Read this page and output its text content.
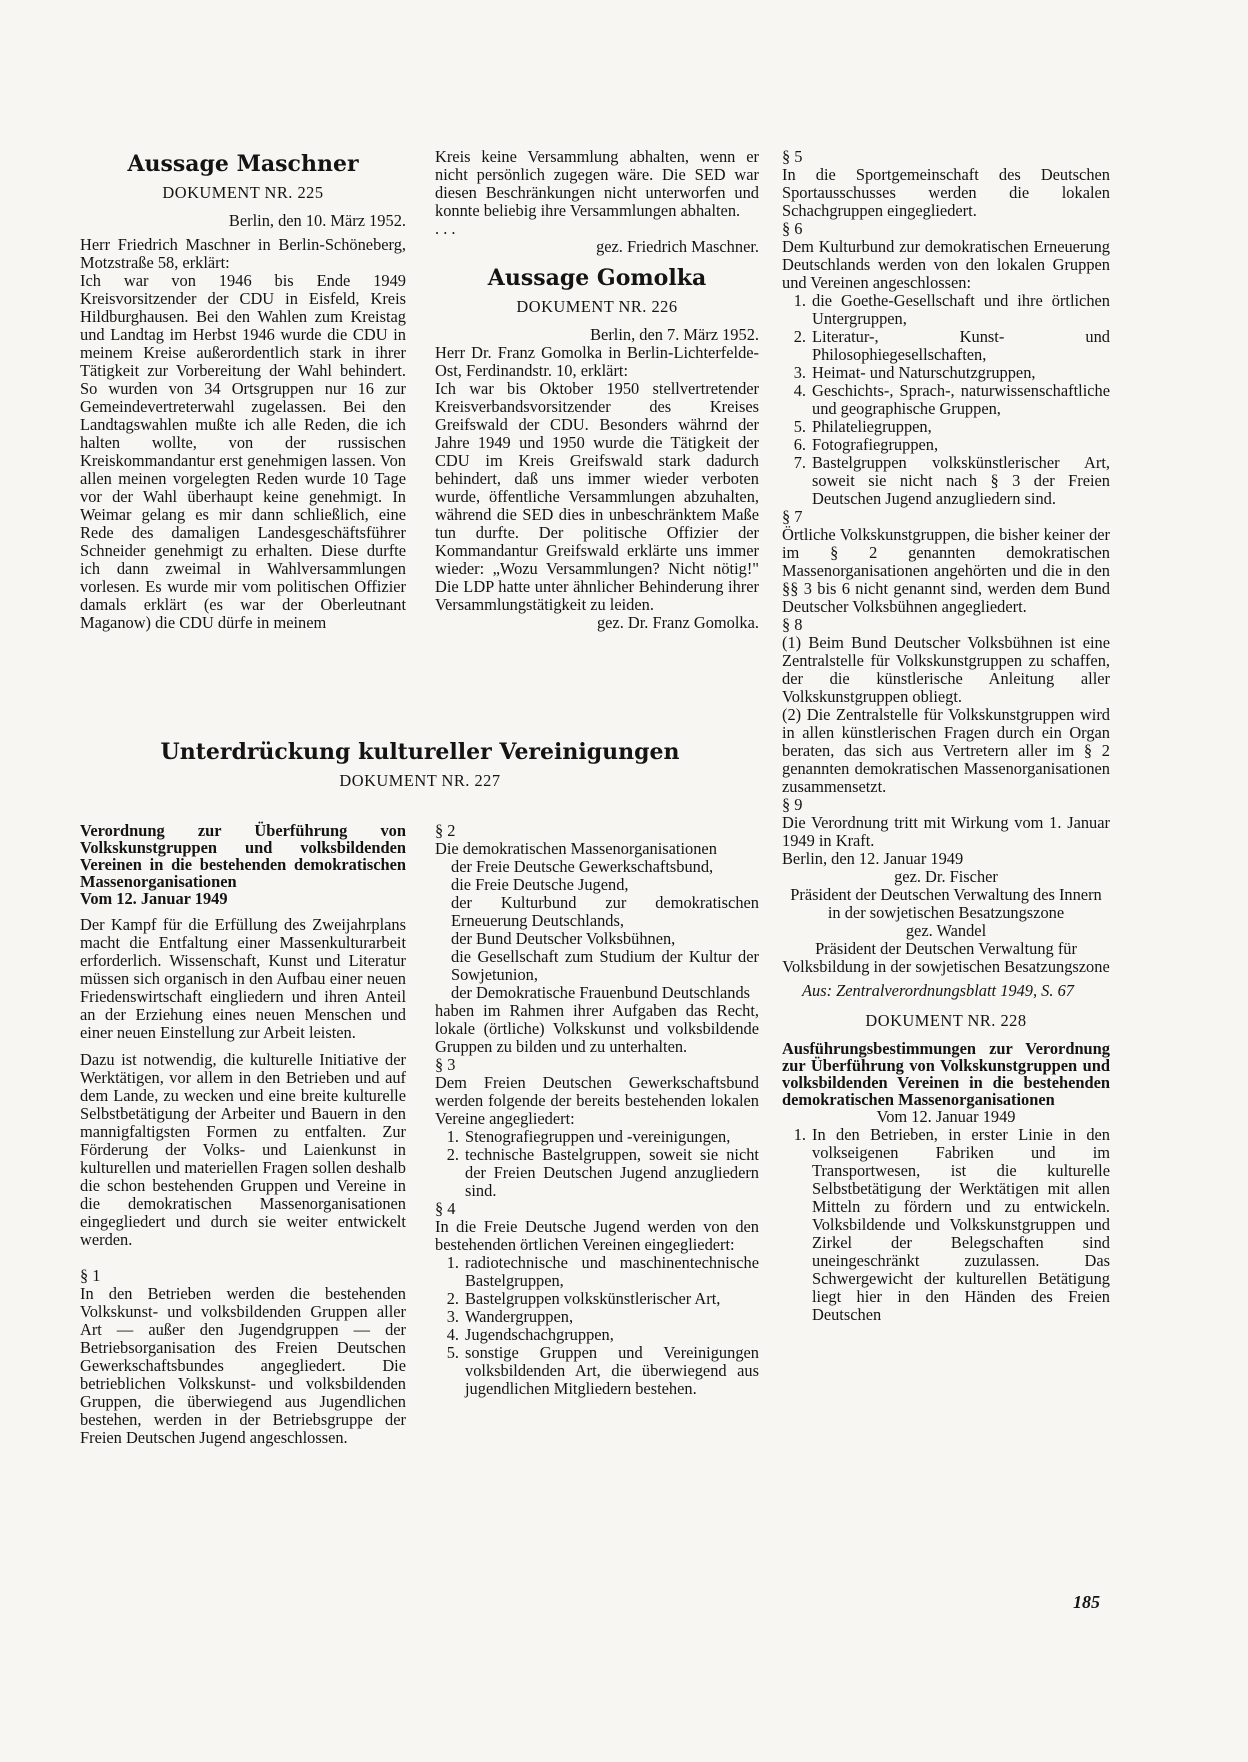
Aussage Maschner
DOKUMENT NR. 225

Berlin, den 10. März 1952.

Herr Friedrich Maschner in Berlin-Schöneberg, Motzstraße 58, erklärt:

Ich war von 1946 bis Ende 1949 Kreisvorsitzender der CDU in Eisfeld, Kreis Hildburghausen. Bei den Wahlen zum Kreistag und Landtag im Herbst 1946 wurde die CDU in meinem Kreise außerordentlich stark in ihrer Tätigkeit zur Vorbereitung der Wahl behindert. So wurden von 34 Ortsgruppen nur 16 zur Gemeindevertreterwahl zugelassen. Bei den Landtagswahlen mußte ich alle Reden, die ich halten wollte, von der russischen Kreiskommandantur erst genehmigen lassen. Von allen meinen vorgelegten Reden wurde 10 Tage vor der Wahl überhaupt keine genehmigt. In Weimar gelang es mir dann schließlich, eine Rede des damaligen Landesgeschäftsführer Schneider genehmigt zu erhalten. Diese durfte ich dann zweimal in Wahlversammlungen vorlesen. Es wurde mir vom politischen Offizier damals erklärt (es war der Oberleutnant Maganow) die CDU dürfe in meinem

Kreis keine Versammlung abhalten, wenn er nicht persönlich zugegen wäre. Die SED war diesen Beschränkungen nicht unterworfen und konnte beliebig ihre Versammlungen abhalten.

. . .

gez. Friedrich Maschner.

Aussage Gomolka
DOKUMENT NR. 226

Berlin, den 7. März 1952.

Herr Dr. Franz Gomolka in Berlin-Lichterfelde-Ost, Ferdinandstr. 10, erklärt:

Ich war bis Oktober 1950 stellvertretender Kreisverbandsvorsitzender des Kreises Greifswald der CDU. Besonders währnd der Jahre 1949 und 1950 wurde die Tätigkeit der CDU im Kreis Greifswald stark dadurch behindert, daß uns immer wieder verboten wurde, öffentliche Versammlungen abzuhalten, während die SED dies in unbeschränktem Maße tun durfte. Der politische Offizier der Kommandantur Greifswald erklärte uns immer wieder: „Wozu Versammlungen? Nicht nötig!" Die LDP hatte unter ähnlicher Behinderung ihrer Versammlungstätigkeit zu leiden.

gez. Dr. Franz Gomolka.

Unterdrückung kultureller Vereinigungen
DOKUMENT NR. 227

Verordnung zur Überführung von Volkskunstgruppen und volksbildenden Vereinen in die bestehenden demokratischen Massenorganisationen

Vom 12. Januar 1949

Der Kampf für die Erfüllung des Zweijahrplans macht die Entfaltung einer Massenkulturarbeit erforderlich. Wissenschaft, Kunst und Literatur müssen sich organisch in den Aufbau einer neuen Friedenswirtschaft eingliedern und ihren Anteil an der Erziehung eines neuen Menschen und einer neuen Einstellung zur Arbeit leisten.

Dazu ist notwendig, die kulturelle Initiative der Werktätigen, vor allem in den Betrieben und auf dem Lande, zu wecken und eine breite kulturelle Selbstbetätigung der Arbeiter und Bauern in den mannigfaltigsten Formen zu entfalten. Zur Förderung der Volks- und Laienkunst in kulturellen und materiellen Fragen sollen deshalb die schon bestehenden Gruppen und Vereine in die demokratischen Massenorganisationen eingegliedert und durch sie weiter entwickelt werden.

§ 1

In den Betrieben werden die bestehenden Volkskunst- und volksbildenden Gruppen aller Art — außer den Jugendgruppen — der Betriebsorganisation des Freien Deutschen Gewerkschaftsbundes angegliedert. Die betrieblichen Volkskunst- und volksbildenden Gruppen, die überwiegend aus Jugendlichen bestehen, werden in der Betriebsgruppe der Freien Deutschen Jugend angeschlossen.

§ 2

Die demokratischen Massenorganisationen

der Freie Deutsche Gewerkschaftsbund,

die Freie Deutsche Jugend,

der Kulturbund zur demokratischen Erneuerung Deutschlands,

der Bund Deutscher Volksbühnen,

die Gesellschaft zum Studium der Kultur der Sowjetunion,

der Demokratische Frauenbund Deutschlands

haben im Rahmen ihrer Aufgaben das Recht, lokale (örtliche) Volkskunst und volksbildende Gruppen zu bilden und zu unterhalten.

§ 3

Dem Freien Deutschen Gewerkschaftsbund werden folgende der bereits bestehenden lokalen Vereine angegliedert:

1. Stenografiegruppen und -vereinigungen,
2. technische Bastelgruppen, soweit sie nicht der Freien Deutschen Jugend anzugliedern sind.

§ 4

In die Freie Deutsche Jugend werden von den bestehenden örtlichen Vereinen eingegliedert:

1. radiotechnische und maschinentechnische Bastelgruppen,
2. Bastelgruppen volkskünstlerischer Art,
3. Wandergruppen,
4. Jugendschachgruppen,
5. sonstige Gruppen und Vereinigungen volksbildenden Art, die überwiegend aus jugendlichen Mitgliedern bestehen.

§ 5

In die Sportgemeinschaft des Deutschen Sportausschusses werden die lokalen Schachgruppen eingegliedert.

§ 6

Dem Kulturbund zur demokratischen Erneuerung Deutschlands werden von den lokalen Gruppen und Vereinen angeschlossen:

1. die Goethe-Gesellschaft und ihre örtlichen Untergruppen,
2. Literatur-, Kunst- und Philosophiegesellschaften,
3. Heimat- und Naturschutzgruppen,
4. Geschichts-, Sprach-, naturwissenschaftliche und geographische Gruppen,
5. Philateliegruppen,
6. Fotografiegruppen,
7. Bastelgruppen volkskünstlerischer Art, soweit sie nicht nach § 3 der Freien Deutschen Jugend anzugliedern sind.

§ 7

Örtliche Volkskunstgruppen, die bisher keiner der im § 2 genannten demokratischen Massenorganisationen angehörten und die in den §§ 3 bis 6 nicht genannt sind, werden dem Bund Deutscher Volksbühnen angegliedert.

§ 8

(1) Beim Bund Deutscher Volksbühnen ist eine Zentralstelle für Volkskunstgruppen zu schaffen, der die künstlerische Anleitung aller Volkskunstgruppen obliegt.

(2) Die Zentralstelle für Volkskunstgruppen wird in allen künstlerischen Fragen durch ein Organ beraten, das sich aus Vertretern aller im § 2 genannten demokratischen Massenorganisationen zusammensetzt.

§ 9

Die Verordnung tritt mit Wirkung vom 1. Januar 1949 in Kraft.

Berlin, den 12. Januar 1949

gez. Dr. Fischer

Präsident der Deutschen Verwaltung des Innern in der sowjetischen Besatzungszone

gez. Wandel

Präsident der Deutschen Verwaltung für Volksbildung in der sowjetischen Besatzungszone

Aus: Zentralverordnungsblatt 1949, S. 67

DOKUMENT NR. 228

Ausführungsbestimmungen zur Verordnung zur Überführung von Volkskunstgruppen und volksbildenden Vereinen in die bestehenden demokratischen Massenorganisationen

Vom 12. Januar 1949

1. In den Betrieben, in erster Linie in den volkseigenen Fabriken und im Transportwesen, ist die kulturelle Selbstbetätigung der Werktätigen mit allen Mitteln zu fördern und zu entwickeln. Volksbildende und Volkskunstgruppen und Zirkel der Belegschaften sind uneingeschränkt zuzulassen. Das Schwergewicht der kulturellen Betätigung liegt hier in den Händen des Freien Deutschen
185
